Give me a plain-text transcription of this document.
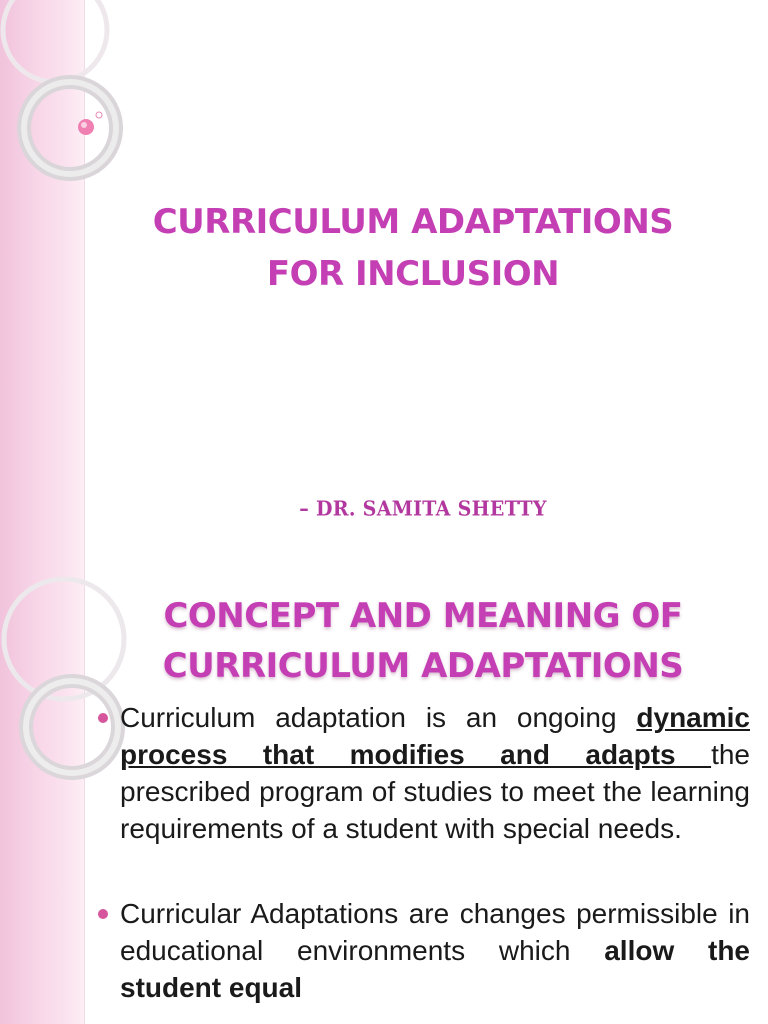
CURRICULUM ADAPTATIONS
FOR INCLUSION

– DR. SAMITA SHETTY

CONCEPT AND MEANING OF
CURRICULUM ADAPTATIONS
Curriculum adaptation is an ongoing dynamic process that modifies and adapts the prescribed program of studies to meet the learning requirements of a student with special needs.
Curricular Adaptations are changes permissible in educational environments which allow the student equal
